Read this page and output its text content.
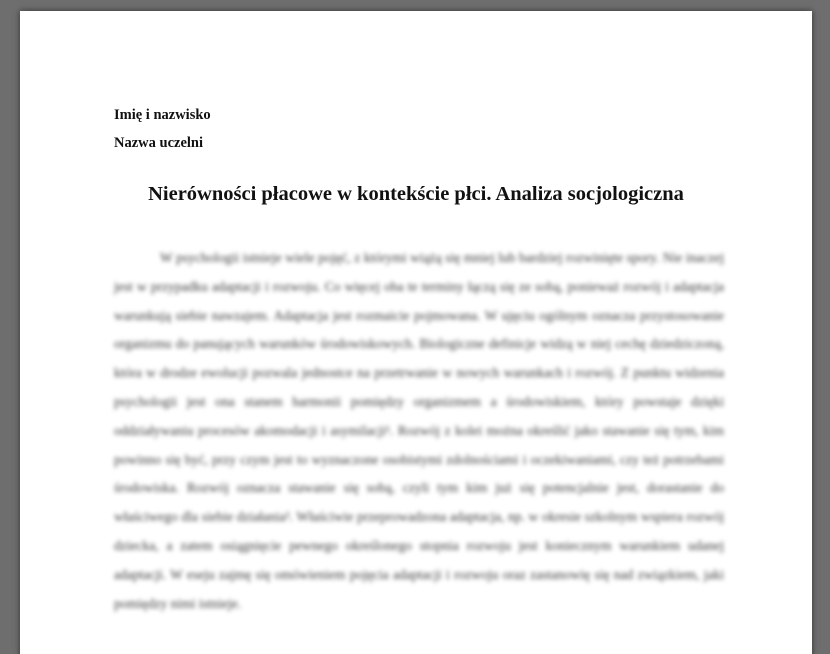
Imię i nazwisko
Nazwa uczelni
Nierówności płacowe w kontekście płci. Analiza socjologiczna

W psychologii istnieje wiele pojęć, z którymi wiążą się mniej lub bardziej rozwinięte spory. Nie inaczej jest w przypadku adaptacji i rozwoju. Co więcej oba te terminy łączą się ze sobą, ponieważ rozwój i adaptacja warunkują siebie nawzajem. Adaptacja jest rozmaicie pojmowana. W ujęciu ogólnym oznacza przystosowanie organizmu do panujących warunków środowiskowych. Biologiczne definicje widzą w niej cechę dziedziczoną, która w drodze ewolucji pozwala jednostce na przetrwanie w nowych warunkach i rozwój. Z punktu widzenia psychologii jest ona stanem harmonii pomiędzy organizmem a środowiskiem, który powstaje dzięki oddziaływaniu procesów akomodacji i asymilacji¹. Rozwój z kolei można określić jako stawanie się tym, kim powinno się być, przy czym jest to wyznaczone osobistymi zdolnościami i oczekiwaniami, czy też potrzebami środowiska. Rozwój oznacza stawanie się sobą, czyli tym kim już się potencjalnie jest, dorastanie do właściwego dla siebie działania². Właściwie przeprowadzona adaptacja, np. w okresie szkolnym wspiera rozwój dziecka, a zatem osiągnięcie pewnego określonego stopnia rozwoju jest koniecznym warunkiem udanej adaptacji. W eseju zajmę się omówieniem pojęcia adaptacji i rozwoju oraz zastanowię się nad związkiem, jaki pomiędzy nimi istnieje.
